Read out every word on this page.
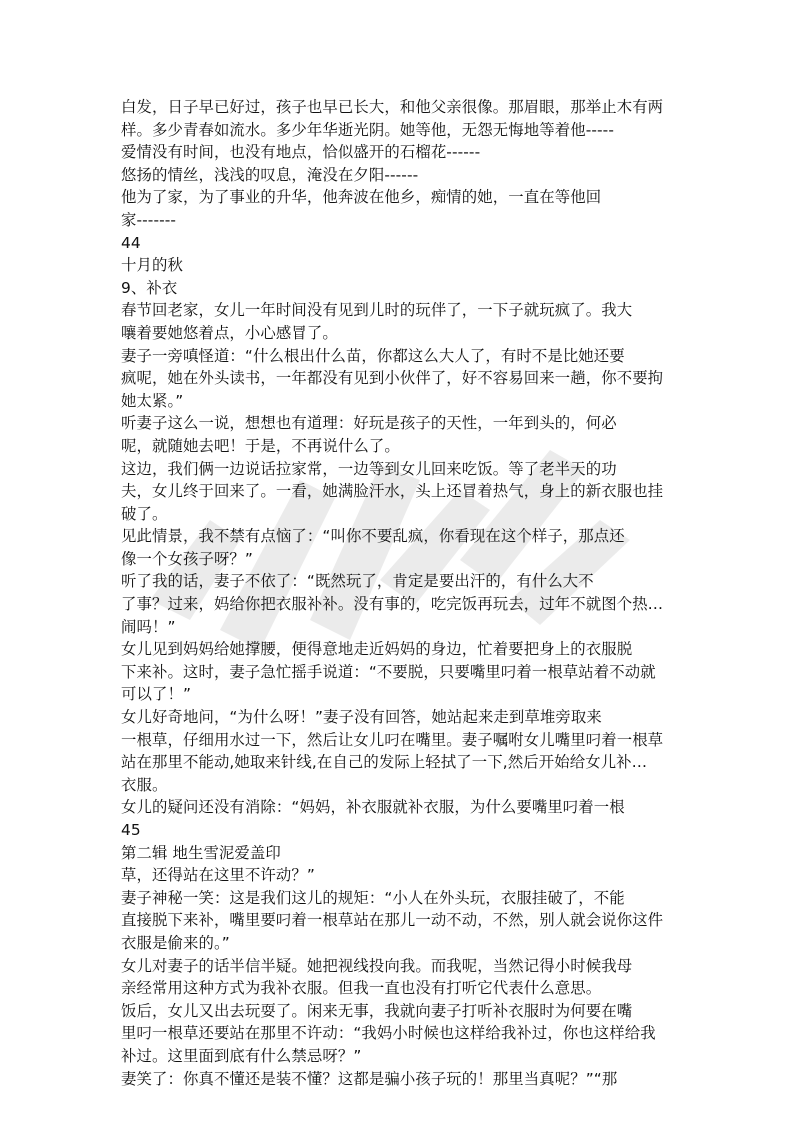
白发，日子早已好过，孩子也早已长大，和他父亲很像。那眉眼，那举止木有两
样。多少青春如流水。多少年华逝光阴。她等他，无怨无悔地等着他-----
爱情没有时间，也没有地点，恰似盛开的石榴花------
悠扬的情丝，浅浅的叹息，淹没在夕阳------
他为了家，为了事业的升华，他奔波在他乡，痴情的她，一直在等他回
家-------
44
十月的秋
9、补衣
春节回老家，女儿一年时间没有见到儿时的玩伴了，一下子就玩疯了。我大
嚷着要她悠着点，小心感冒了。
妻子一旁嗔怪道：“什么根出什么苗，你都这么大人了，有时不是比她还要
疯呢，她在外头读书，一年都没有见到小伙伴了，好不容易回来一趟，你不要拘
她太紧。”
听妻子这么一说，想想也有道理：好玩是孩子的天性，一年到头的，何必
呢，就随她去吧！于是，不再说什么了。
这边，我们俩一边说话拉家常，一边等到女儿回来吃饭。等了老半天的功
夫，女儿终于回来了。一看，她满脸汗水，头上还冒着热气，身上的新衣服也挂
破了。
见此情景，我不禁有点恼了：“叫你不要乱疯，你看现在这个样子，那点还
像一个女孩子呀？”
听了我的话，妻子不依了：“既然玩了，肯定是要出汗的，有什么大不
了事？过来，妈给你把衣服补补。没有事的，吃完饭再玩去，过年不就图个热…
闹吗！”
女儿见到妈妈给她撑腰，便得意地走近妈妈的身边，忙着要把身上的衣服脱
下来补。这时，妻子急忙摇手说道：“不要脱，只要嘴里叼着一根草站着不动就
可以了！”
女儿好奇地问，“为什么呀！”妻子没有回答，她站起来走到草堆旁取来
一根草，仔细用水过一下，然后让女儿叼在嘴里。妻子嘱咐女儿嘴里叼着一根草
站在那里不能动,她取来针线,在自己的发际上轻拭了一下,然后开始给女儿补…
衣服。
女儿的疑问还没有消除：“妈妈，补衣服就补衣服，为什么要嘴里叼着一根
45
第二辑 地生雪泥爱盖印
草，还得站在这里不许动？”
妻子神秘一笑：这是我们这儿的规矩：“小人在外头玩，衣服挂破了，不能
直接脱下来补，嘴里要叼着一根草站在那儿一动不动，不然，别人就会说你这件
衣服是偷来的。”
女儿对妻子的话半信半疑。她把视线投向我。而我呢，当然记得小时候我母
亲经常用这种方式为我补衣服。但我一直也没有打听它代表什么意思。
饭后，女儿又出去玩耍了。闲来无事，我就向妻子打听补衣服时为何要在嘴
里叼一根草还要站在那里不许动：“我妈小时候也这样给我补过，你也这样给我
补过。这里面到底有什么禁忌呀？”
妻笑了：你真不懂还是装不懂？这都是骗小孩子玩的！那里当真呢？”“那
